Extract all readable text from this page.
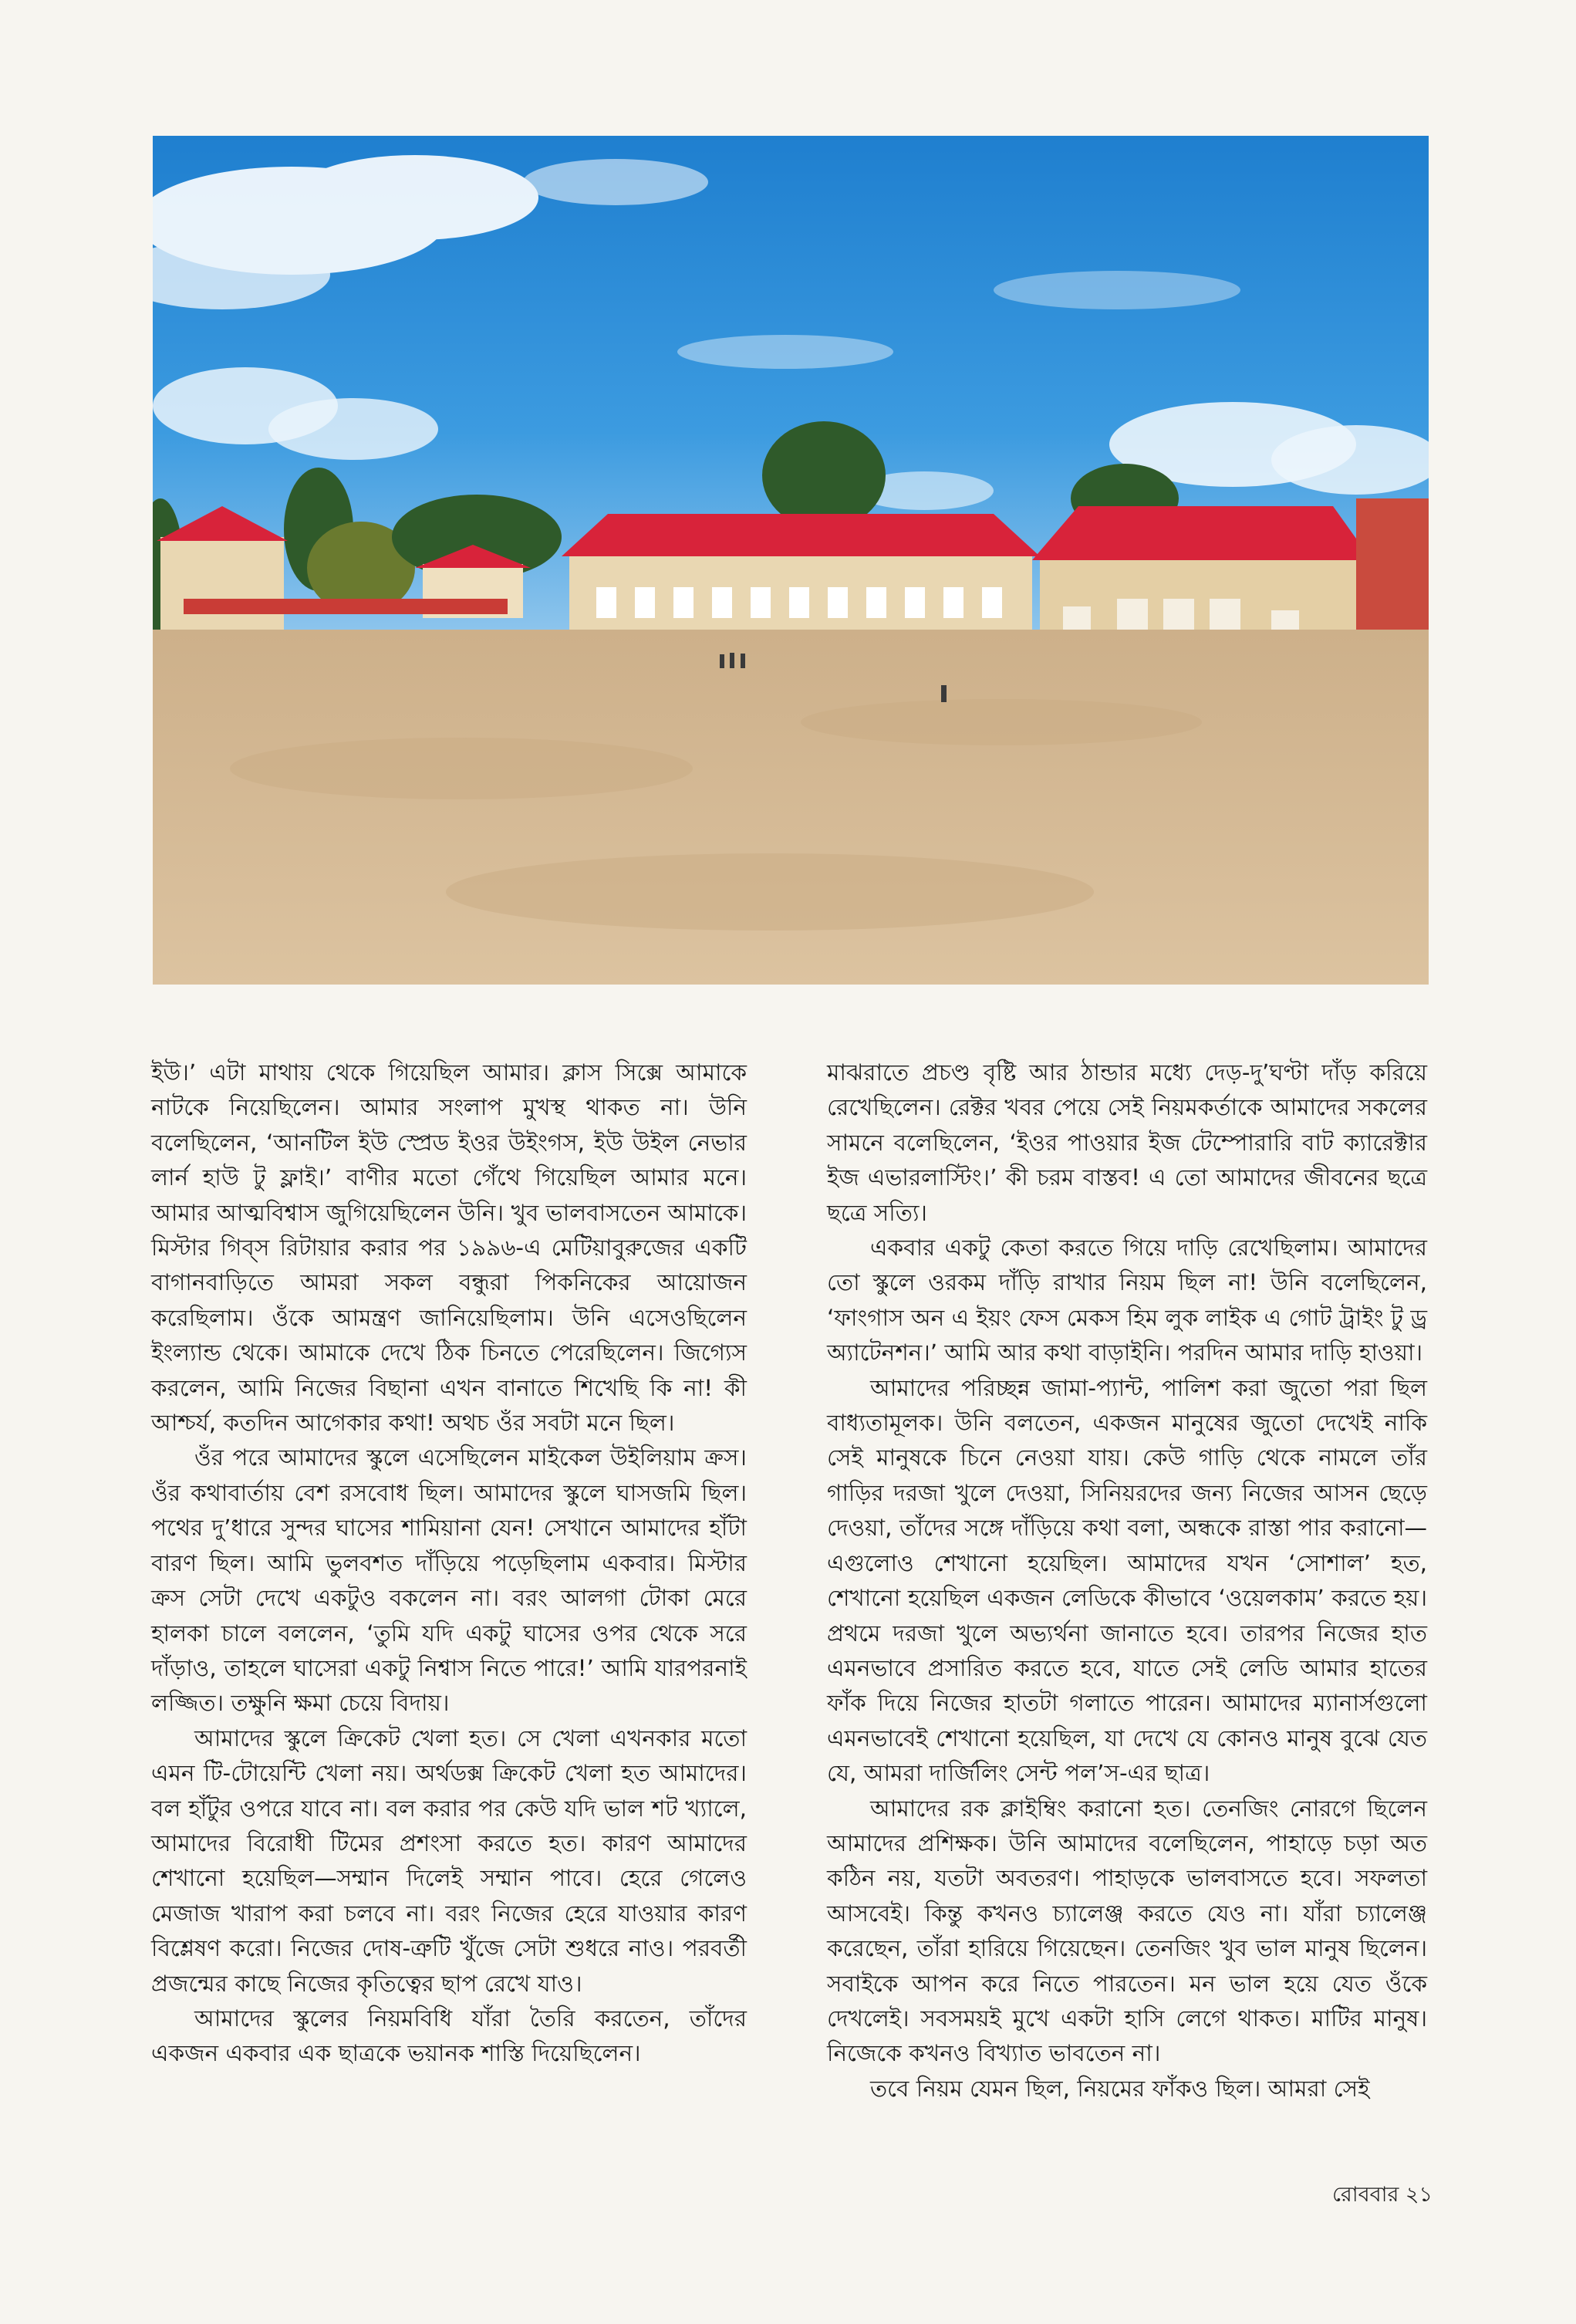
ইউ।’ এটা মাথায় থেকে গিয়েছিল আমার। ক্লাস সিক্সে আমাকে নাটকে নিয়েছিলেন। আমার সংলাপ মুখস্থ থাকত না। উনি বলেছিলেন, ‘আনটিল ইউ স্প্রেড ইওর উইংগস, ইউ উইল নেভার লার্ন হাউ টু ফ্লাই।’ বাণীর মতো গেঁথে গিয়েছিল আমার মনে। আমার আত্মবিশ্বাস জুগিয়েছিলেন উনি। খুব ভালবাসতেন আমাকে। মিস্টার গিব্স রিটায়ার করার পর ১৯৯৬-এ মেটিয়াবুরুজের একটি বাগানবাড়িতে আমরা সকল বন্ধুরা পিকনিকের আয়োজন করেছিলাম। ওঁকে আমন্ত্রণ জানিয়েছিলাম। উনি এসেওছিলেন ইংল্যান্ড থেকে। আমাকে দেখে ঠিক চিনতে পেরেছিলেন। জিগ্যেস করলেন, আমি নিজের বিছানা এখন বানাতে শিখেছি কি না! কী আশ্চর্য, কতদিন আগেকার কথা! অথচ ওঁর সবটা মনে ছিল।

ওঁর পরে আমাদের স্কুলে এসেছিলেন মাইকেল উইলিয়াম ক্রস। ওঁর কথাবার্তায় বেশ রসবোধ ছিল। আমাদের স্কুলে ঘাসজমি ছিল। পথের দু’ধারে সুন্দর ঘাসের শামিয়ানা যেন! সেখানে আমাদের হাঁটা বারণ ছিল। আমি ভুলবশত দাঁড়িয়ে পড়েছিলাম একবার। মিস্টার ক্রস সেটা দেখে একটুও বকলেন না। বরং আলগা টোকা মেরে হালকা চালে বললেন, ‘তুমি যদি একটু ঘাসের ওপর থেকে সরে দাঁড়াও, তাহলে ঘাসেরা একটু নিশ্বাস নিতে পারে!’ আমি যারপরনাই লজ্জিত। তক্ষুনি ক্ষমা চেয়ে বিদায়।

আমাদের স্কুলে ক্রিকেট খেলা হত। সে খেলা এখনকার মতো এমন টি-টোয়েন্টি খেলা নয়। অর্থডক্স ক্রিকেট খেলা হত আমাদের। বল হাঁটুর ওপরে যাবে না। বল করার পর কেউ যদি ভাল শট খ্যালে, আমাদের বিরোধী টিমের প্রশংসা করতে হত। কারণ আমাদের শেখানো হয়েছিল—সম্মান দিলেই সম্মান পাবে। হেরে গেলেও মেজাজ খারাপ করা চলবে না। বরং নিজের হেরে যাওয়ার কারণ বিশ্লেষণ করো। নিজের দোষ-ত্রুটি খুঁজে সেটা শুধরে নাও। পরবর্তী প্রজন্মের কাছে নিজের কৃতিত্বের ছাপ রেখে যাও।

আমাদের স্কুলের নিয়মবিধি যাঁরা তৈরি করতেন, তাঁদের একজন একবার এক ছাত্রকে ভয়ানক শাস্তি দিয়েছিলেন।

মাঝরাতে প্রচণ্ড বৃষ্টি আর ঠান্ডার মধ্যে দেড়-দু’ঘণ্টা দাঁড় করিয়ে রেখেছিলেন। রেক্টর খবর পেয়ে সেই নিয়মকর্তাকে আমাদের সকলের সামনে বলেছিলেন, ‘ইওর পাওয়ার ইজ টেম্পোরারি বাট ক্যারেক্টার ইজ এভারলাস্টিং।’ কী চরম বাস্তব! এ তো আমাদের জীবনের ছত্রে ছত্রে সত্যি।

একবার একটু কেতা করতে গিয়ে দাড়ি রেখেছিলাম। আমাদের তো স্কুলে ওরকম দাঁড়ি রাখার নিয়ম ছিল না! উনি বলেছিলেন, ‘ফাংগাস অন এ ইয়ং ফেস মেকস হিম লুক লাইক এ গোট ট্রাইং টু ড্র অ্যাটেনশন।’ আমি আর কথা বাড়াইনি। পরদিন আমার দাড়ি হাওয়া।

আমাদের পরিচ্ছন্ন জামা-প্যান্ট, পালিশ করা জুতো পরা ছিল বাধ্যতামূলক। উনি বলতেন, একজন মানুষের জুতো দেখেই নাকি সেই মানুষকে চিনে নেওয়া যায়। কেউ গাড়ি থেকে নামলে তাঁর গাড়ির দরজা খুলে দেওয়া, সিনিয়রদের জন্য নিজের আসন ছেড়ে দেওয়া, তাঁদের সঙ্গে দাঁড়িয়ে কথা বলা, অন্ধকে রাস্তা পার করানো—এগুলোও শেখানো হয়েছিল। আমাদের যখন ‘সোশাল’ হত, শেখানো হয়েছিল একজন লেডিকে কীভাবে ‘ওয়েলকাম’ করতে হয়। প্রথমে দরজা খুলে অভ্যর্থনা জানাতে হবে। তারপর নিজের হাত এমনভাবে প্রসারিত করতে হবে, যাতে সেই লেডি আমার হাতের ফাঁক দিয়ে নিজের হাতটা গলাতে পারেন। আমাদের ম্যানার্সগুলো এমনভাবেই শেখানো হয়েছিল, যা দেখে যে কোনও মানুষ বুঝে যেত যে, আমরা দার্জিলিং সেন্ট পল’স-এর ছাত্র।

আমাদের রক ক্লাইম্বিং করানো হত। তেনজিং নোরগে ছিলেন আমাদের প্রশিক্ষক। উনি আমাদের বলেছিলেন, পাহাড়ে চড়া অত কঠিন নয়, যতটা অবতরণ। পাহাড়কে ভালবাসতে হবে। সফলতা আসবেই। কিন্তু কখনও চ্যালেঞ্জ করতে যেও না। যাঁরা চ্যালেঞ্জ করেছেন, তাঁরা হারিয়ে গিয়েছেন। তেনজিং খুব ভাল মানুষ ছিলেন। সবাইকে আপন করে নিতে পারতেন। মন ভাল হয়ে যেত ওঁকে দেখলেই। সবসময়ই মুখে একটা হাসি লেগে থাকত। মাটির মানুষ। নিজেকে কখনও বিখ্যাত ভাবতেন না।

তবে নিয়ম যেমন ছিল, নিয়মের ফাঁকও ছিল। আমরা সেই

রোববার ২১
